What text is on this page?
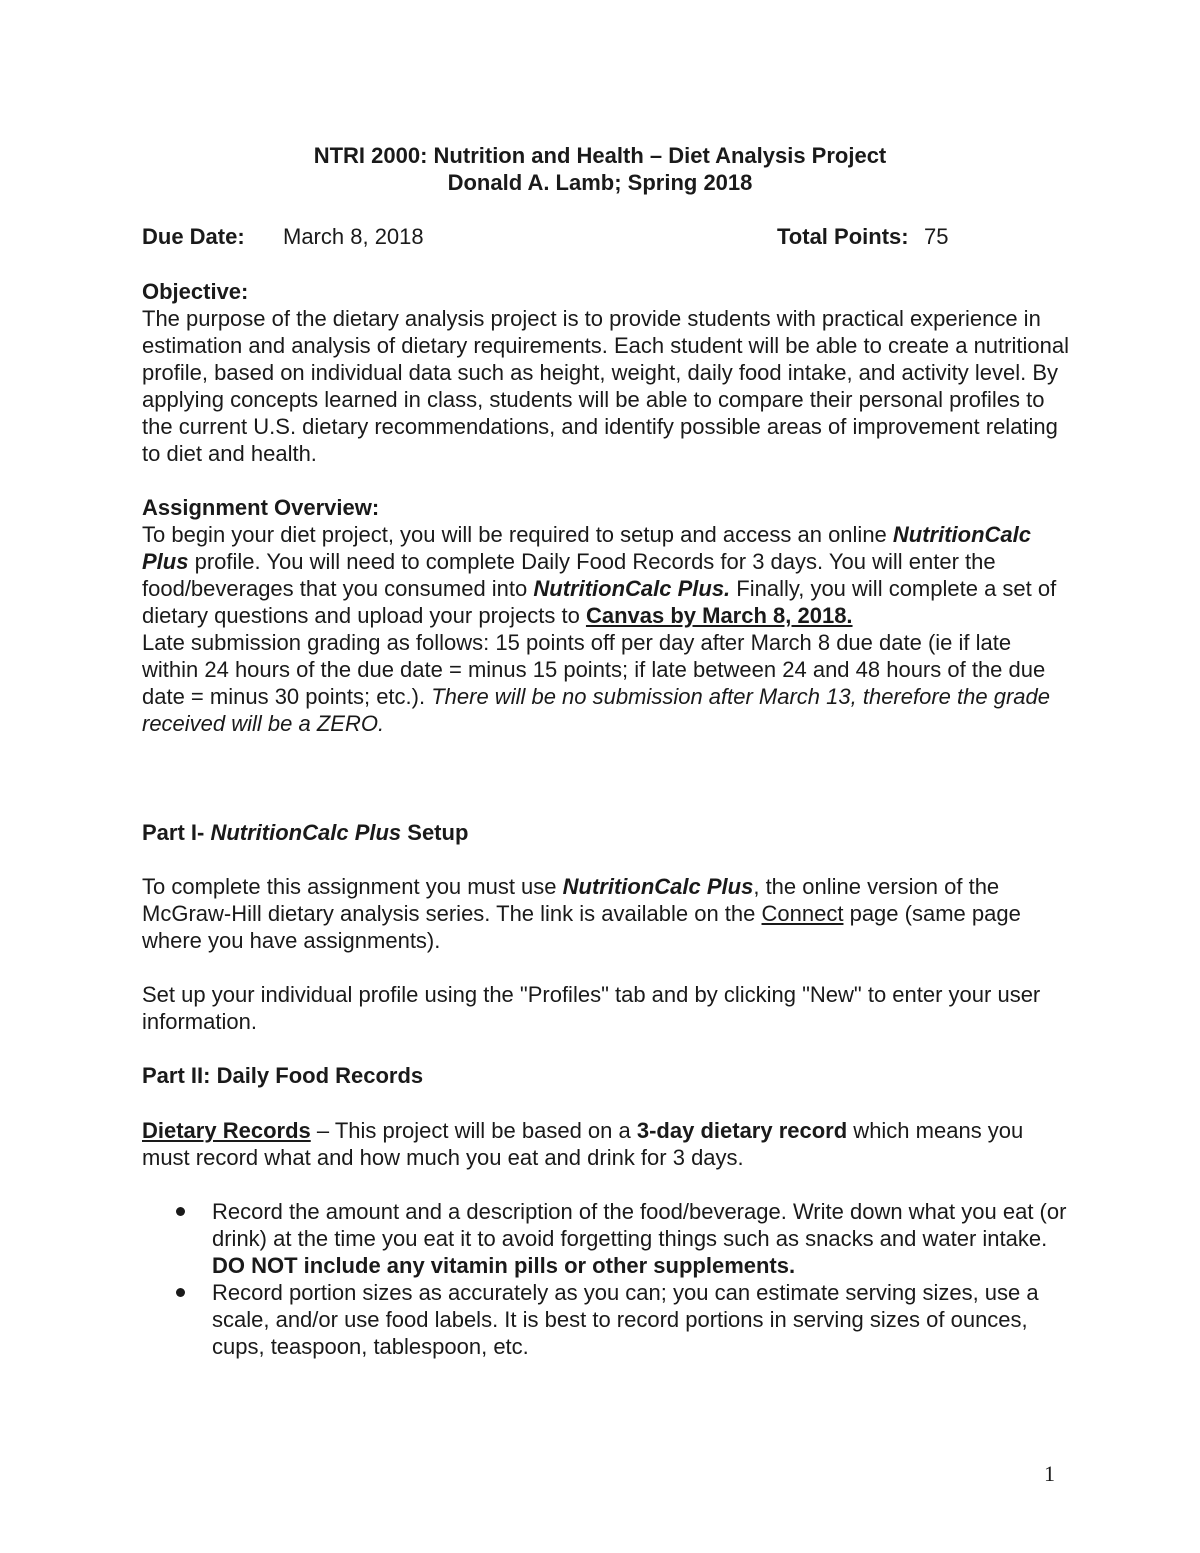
NTRI 2000: Nutrition and Health – Diet Analysis Project
Donald A. Lamb; Spring 2018
Due Date: March 8, 2018	Total Points: 75

Objective:

The purpose of the dietary analysis project is to provide students with practical experience in estimation and analysis of dietary requirements. Each student will be able to create a nutritional profile, based on individual data such as height, weight, daily food intake, and activity level. By applying concepts learned in class, students will be able to compare their personal profiles to the current U.S. dietary recommendations, and identify possible areas of improvement relating to diet and health.

Assignment Overview:

To begin your diet project, you will be required to setup and access an online NutritionCalc Plus profile. You will need to complete Daily Food Records for 3 days. You will enter the food/beverages that you consumed into NutritionCalc Plus. Finally, you will complete a set of dietary questions and upload your projects to Canvas by March 8, 2018.

Late submission grading as follows: 15 points off per day after March 8 due date (ie if late within 24 hours of the due date = minus 15 points; if late between 24 and 48 hours of the due date = minus 30 points; etc.). There will be no submission after March 13, therefore the grade received will be a ZERO.

Part I- NutritionCalc Plus Setup

To complete this assignment you must use NutritionCalc Plus, the online version of the McGraw-Hill dietary analysis series. The link is available on the Connect page (same page where you have assignments).

Set up your individual profile using the "Profiles" tab and by clicking "New" to enter your user information.

Part II: Daily Food Records

Dietary Records – This project will be based on a 3-day dietary record which means you must record what and how much you eat and drink for 3 days.

Record the amount and a description of the food/beverage. Write down what you eat (or drink) at the time you eat it to avoid forgetting things such as snacks and water intake. DO NOT include any vitamin pills or other supplements.

Record portion sizes as accurately as you can; you can estimate serving sizes, use a scale, and/or use food labels. It is best to record portions in serving sizes of ounces, cups, teaspoon, tablespoon, etc.

1
